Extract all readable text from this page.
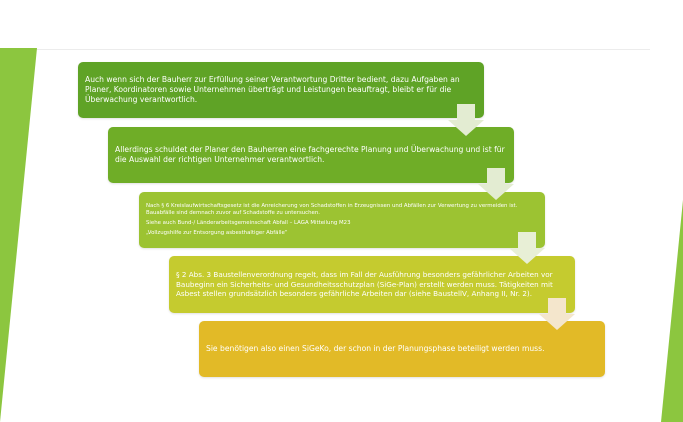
Auch wenn sich der Bauherr zur Erfüllung seiner Verantwortung Dritter bedient, dazu Aufgaben an Planer, Koordinatoren sowie Unternehmen überträgt und Leistungen beauftragt, bleibt er für die Überwachung verantwortlich.

Allerdings schuldet der Planer den Bauherren eine fachgerechte Planung und Überwachung und ist für die Auswahl der richtigen Unternehmer verantwortlich.

Nach § 6 Kreislaufwirtschaftsgesetz ist die Anreicherung von Schadstoffen in Erzeugnissen und Abfällen zur Verwertung zu vermeiden ist. Bauabfälle sind demnach zuvor auf Schadstoffe zu untersuchen.

Siehe auch Bund-/ Länderarbeitsgemeinschaft Abfall – LAGA Mitteilung M23

„Vollzugshilfe zur Entsorgung asbesthaltiger Abfälle“

§ 2 Abs. 3 Baustellenverordnung regelt, dass im Fall der Ausführung besonders gefährlicher Arbeiten vor Baubeginn ein Sicherheits- und Gesundheitsschutzplan (SiGe-Plan) erstellt werden muss. Tätigkeiten mit Asbest stellen grundsätzlich besonders gefährliche Arbeiten dar (siehe BaustellV, Anhang II, Nr. 2).

Sie benötigen also einen SiGeKo, der schon in der Planungsphase beteiligt werden muss.
